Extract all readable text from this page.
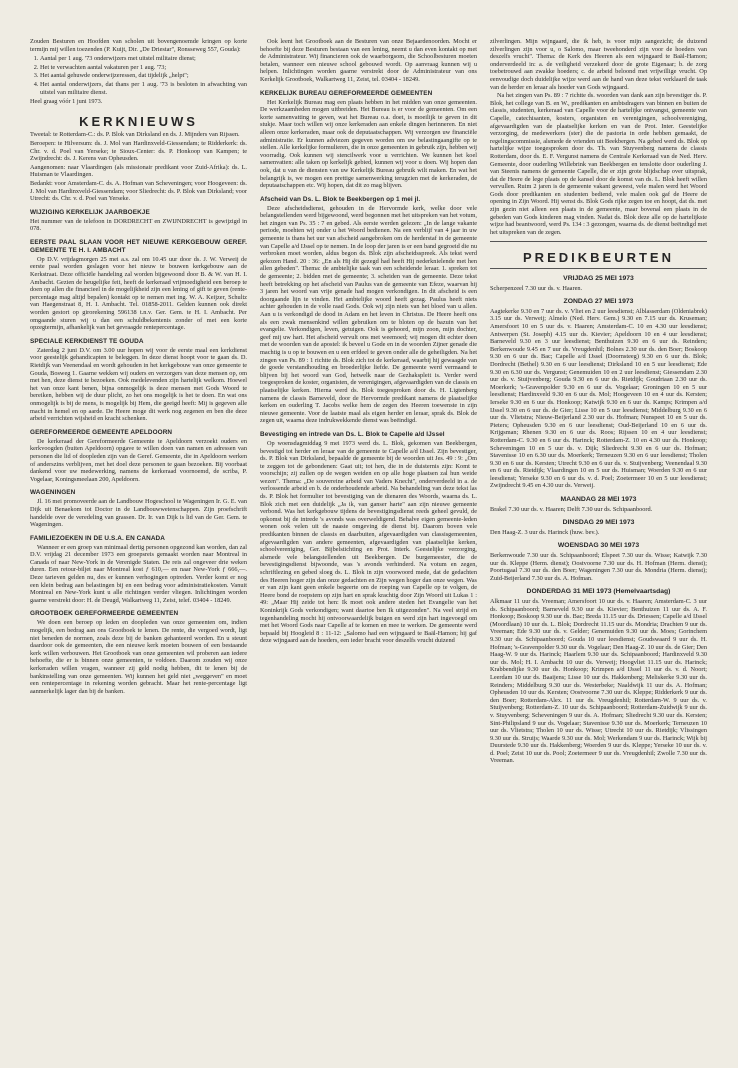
Zouden Besturen en Hoofden van scholen uit bovengenoemde kringen op korte termijn mij willen toezenden (P. Kuijt, Dir. „De Driestar", Ronsseweg 557, Gouda):

1. Aantal per 1 aug. '73 onderwijzers met uitstel militaire dienst;
2. Het te verwachten aantal vakaturen per 1 aug. '73;
3. Het aantal gehuwde onderwijzeressen, dat tijdelijk „helpt";
4. Het aantal onderwijzers, dat thans per 1 aug. '73 is besloten in afwachting van uitstel van militaire dienst.

Heel graag vóór 1 juni 1973.

KERKNIEUWS

Tweetal: te Rotterdam-C.: ds. P. Blok van Dirksland en ds. J. Mijnders van Rijssen.

Beroepen: te Hilversum: ds. J. Mol van Hardinxveld-Giessendam; te Ridderkerk: ds. Chr. v. d. Poel van Yerseke; te Sioux-Center: ds. P. Honkoop van Kampen; te Zwijndrecht: ds. J. Kerens van Opheusden.

Aangenomen: naar Vlaardingen (als missionair predikant voor Zuid-Afrika): ds. L. Huisman te Vlaardingen.

Bedankt: voor Amsterdam-C. ds. A. Hofman van Scheveningen; voor Hoogeveen: ds. J. Mol van Hardinxveld-Giessendam; voor Sliedrecht: ds. P. Blok van Dirksland; voor Utrecht: ds. Chr. v. d. Poel van Yerseke.

WIJZIGING KERKELIJK JAARBOEKJE

Het nummer van de telefoon in DORDRECHT en ZWIJNDRECHT is gewijzigd in 078.

EERSTE PAAL SLAAN VOOR HET NIEUWE KERKGEBOUW GEREF. GEMEENTE TE H. I. AMBACHT

Op D.V. vrijdagmorgen 25 mei a.s. zal om 10.45 uur door ds. J. W. Verweij de eerste paal worden geslagen voor het nieuw te bouwen kerkgebouw aan de Kerkstraat. Deze officiële handeling zal worden bijgewoond door B. & W. van H. I. Ambacht. Gezien de heugelijke feit, heeft de kerkeraad vrijmoedigheid een beroep te doen op allen die financieel in de mogelijkheid zijn een lening of gift te geven (rente-percentage mag altijd bepalen) kontakt op te nemen met ing. W. A. Keijzer, Schultz van Haegenstraat 8, H. I. Ambacht. Tel. 01858-2011. Gelden kunnen ook direkt worden gestort op girorekening 596138 t.n.v. Ger. Gem. te H. I. Ambacht. Per omgaande sturen wij u dan een schuldbekentenis zonder of met een korte opzegtermijn, afhankelijk van het gevraagde rentepercentage.

SPECIALE KERKDIENST TE GOUDA

Zaterdag 2 juni D.V. om 3.00 uur hopen wij voor de eerste maal een kerkdienst voor geestelijk gehandicapten te beleggen. In deze dienst hoopt voor te gaan ds. D. Rietdijk van Veenendaal en wordt gehouden in het kerkgebouw van onze gemeente te Gouda, Bosweg 1. Gaarne wekken wij ouders en verzorgers van deze mensen op, om met hen, deze dienst te bezoeken. Ook medelevenden zijn hartelijk welkom. Hoewel het van onze kant benen, bijna onmogelijk is deze mensen met Gods Woord te bereiken, hebben wij de duur plicht, zo het ons mogelijk is het te doen. En wat ons onmogelijk is bij de mens, is mogelijk bij Hem, die geeigd heeft: Mij is gegeven alle macht in hemel en op aarde. De Heere moge dit werk nog zegenen en ben die deze arbeid verrichten wijsheid en kracht schenken.

GEREFORMEERDE GEMEENTE APELDOORN

De kerkeraad der Gereformeerde Gemeente te Apeldoorn verzoekt ouders en kerkvoogden (buiten Apeldoorn) opgave te willen doen van namen en adressen van personen die lid of doopleden zijn van de Geref. Gemeente, die in Apeldoorn werken of anderszins verblijven, met het doel deze personen te gaan bezoeken. Bij voorbaat dankend voor uw medewerking, namens de kerkeraad voornoemd, de scriba, P. Vogelaar, Koningsmeelaan 200, Apeldoorn.

WAGENINGEN

Jl. 16 mei promoveerde aan de Landbouw Hogeschool te Wageningen Ir. G. E. van Dijk uit Benaekom tot Doctor in de Landbouwwetenschappen. Zijn proefschrift handelde over de veredeling van grassen. Dr. Ir. van Dijk is lid van de Ger. Gem. te Wageningen.

FAMILIEZOEKEN IN DE U.S.A. EN CANADA

Wanneer er een groep van minimaal dertig personen opgezond kan worden, dan zal D.V. vrijdag 21 december 1973 een groepsreis gemaakt worden naar Montreal in Canada of naar New-York in de Verenigde Staten. De reis zal ongeveer drie weken duren. Een retour-biljet naar Montreal kost ƒ 610,— en naar New-York ƒ 666,—. Deze tarieven gelden nu, des er kunnen verhogingen optreden. Verder komt er nog een klein bedrag aan belastingen bij en een bedrag voor administratiekosten. Vanuit Montreal en New-York kunt u alle richtingen verder vliegen. Inlichtingen worden gaarne verstrekt door: H. de Deugd, Walkartweg 11, Zeist, telef. 03404 - 18249.

GROOTBOEK GEREFORMEERDE GEMEENTEN

We doen een beroep op leden en doopleden van onze gemeenten om, indien mogelijk, een bedrag aan ons Grootboek te lenen. De rente, die vergoed wordt, ligt niet beneden de normen, zoals deze bij de banken gehanteerd worden. En u steunt daardoor ook de gemeenten, die een nieuwe kerk moeten bouwen of een bestaande kerk willen verbouwen. Het Grootboek van onze gemeenten wil proberen aan iedere behoefte, die er is binnen onze gemeenten, te voldoen. Daarom zouden wij onze kerkeraden willen vragen, wanneer zij geld nodig hebben, dit te lenen bij de bankinstelling van onze gemeenten. Wij kunnen het geld niet „weggeven" en moet een rentepercentage in rekening worden gebracht. Maar het rente-percentage ligt aanmerkelijk lager dan bij de banken.

Ook leent het Grootboek aan de Besturen van onze Bejaardenoorden. Mocht er behoefte bij deze Besturen bestaan van een lening, neemt u dan even kontakt op met de Administrateur. Wij financieren ook de waarborgsom, die Schoolbesturen moeten betalen, wanneer een nieuwe school gebouwd wordt. Op aanvraag kunnen wij u helpen. Inlichtingen worden gaarne verstrekt door de Administrateur van ons Kerkelijk Grootboek, Walkartweg 11, Zeist, tel. 03404 - 18249.

KERKELIJK BUREAU GEREFORMEERDE GEMEENTEN

Het Kerkelijk Bureau mag een plaats hebben in het midden van onze gemeenten. De werkzaamheden mogen uitbreiden. Het Bureau is er voor de gemeenten. Om een korte samenvatting te geven, wat het Bureau o.a. doet, is moeilijk te geven in dit stukje. Maar toch willen wij onze kerkeraden aan enkele dingen herinneren. En niet alleen onze kerkeraden, maar ook de deputaatschappen. Wij verzorgen uw financiële administratie. Er kunnen adviezen gegeven worden om uw belastingaangifte op te stellen. Alle kerkelijke formulieren, die in onze gemeenten in gebruik zijn, hebben wij voorradig. Ook kunnen wij stencilwerk voor u verrichten. We kunnen het koel samenvatten: alle taken op kerkelijk gebied, kunnen wij voor u doen. Wij hopen dan ook, dat u van de diensten van uw Kerkelijk Bureau gebruik wilt maken. En wat het belangrijk is, we mogen een prettige samenwerking terugzien met de kerkeraden, de deputaatschappen etc. Wij hopen, dat dit zo mag blijven.

Afscheid van Ds. L. Blok te Beekbergen op 1 mei jl.

Deze afscheidsdienst, gehouden in de Hervormde kerk, welke door vele belangstellenden werd bijgewoond, werd begonnen met het uitspreken van het votum, het zingen van Ps. 35 : 7 en gebed. Als eerste werden gelezen: „In de lange vakante periode, moehten wij onder u het Woord bedienen. Na een verblijf van 4 jaar in uw gemeente is thans het uur van afscheid aangebroken om de herderstaf in de gemeente van Capelle a/d IJssel op te nemen. In de loop der jaren is er een band gegroeid die nu verbroken moet worden, aldus begon ds. Blok zijn afscheidsspreek. Als tekst werd gekozen Hand. 20 : 36: „En als Hij dit gezegd had heeft Hij nederknielende met hen allen gebeden". Thema: de ambtelijke taak van een scheidende leraar. 1. spreken tot de gemeente; 2. bidden met de gemeente; 3. scheiden van de gemeente. Deze tekst heeft betrekking op het afscheid van Paulus van de gemeente van Efeze, waarvan hij 3 jaren het woord van vrije genade had mogen verkondigen. In dit afscheid is een doorgaande lijn te vinden. Het ambtelijke woord heeft gezag. Paulus heeft niets achter gehouden in de volle raad Gods. Ook wij zijn niets van het bloed van u allen. Aan u is verkondigd de dood in Adam en het leven in Christus. De Heere heeft ons als een zwak mensenkind willen gebruiken om te bloten op de bazuin van het evangelie. Verkondigen, leven, getuigen. Ook is gehoord, mijn zoon, mijn dochter, geef mij uw hart. Het afscheid vervult ons met weemoed; wij mogen dit echter doen met de woorden van de apostel: ik beveel u Gode en in de woorden Zijner genade die machtig is u op te bouwen en u een erfdeel te geven onder alle de geheiligden. Na het zingen van Ps. 89 : 1 richtte ds. Blok zich tot de kerkeraad, waarbij hij gewaagde van de goede verstandhouding en broederlijke liefde. De gemeente werd vermaand te blijven bij het woord van God, hetwelk naar de Gezhakspleit is. Verder werd toegesproken de koster, organisten, de verenigingen, afgevaardigden van de classis en plaatselijke kerken. Hierna werd ds. Blok toegesproken door ds. H. Ligtenberg namens de classis Barneveld, door de Hervormde predikant namens de plaatselijke kerken en ouderling T. Jacobs welke hem de zegen des Heeren toewenste in zijn nieuwe gemeente. Voor de laatste maal als eigen herder en leraar, sprak ds. Blok de zegen uit, waarna deze indrukwekkende dienst was beëindigd.

Bevestiging en intrede van Ds. L. Blok te Capelle a/d IJssel

Op woensdagmiddag 9 mei 1973 werd ds. L. Blok, gekomen van Beekbergen, bevestigd tot herder en leraar van de gemeente te Capelle a/d IJssel. Zijn bevestiger, ds. P. Blok van Dirksland, bepaalde de gemeente bij de woorden uit Jes. 49 : 9: „Om te zeggen tot de gebondenen: Gaat uit; tot hen, die in de duisternis zijn: Komt te voorschijn; zij zullen op de wegen weiden en op alle hoge plaatsen zal hun weide wezen". Thema: „De souvereine arbeid van Vaders Knecht", onderverdeeld in a. de verlossende arbeid en b. de onderhoudende arbeid. Na behandeling van deze tekst las ds. P. Blok het formulier tot bevestiging van de dienaren des Woords, waarna ds. L. Blok zich met een duidelijk „Ja ik, van ganser harte" aan zijn nieuwe gemeente verbond. Was het kerkgebouw tijdens de bevestigingsdienst reeds geheel gevuld, de opkomst bij de intrede 's avonds was overweldigend. Behalve eigen gemeente-leden wonen ook velen uit de naaste omgeving de dienst bij. Daarom boven vele predikanten binnen de classis en daarbuiten, afgevaardigden van classisgemeenten, afgevaardigden van andere gemeenten, afgevaardigden van plaatselijke kerken, schoolvereniging, Ger. Bijbelstichting en Prot. Interk. Geestelijke verzorging, alsmede vele belangstellenden uit Beekbergen. De burgemeester, die de bevestigingsdienst bijwoonde, was 's avonds verhinderd. Na votum en zegen, schriftlezing en gebed sloeg ds. L. Blok in zijn voorwoord mede, dat de gedachten des Heeren hoger zijn dan onze gedachten en Zijn wegen hoger dan onze wegen. Was er van zijn kant geen enkele begeerte om de roeping van Capelle op te volgen, de Heere bond de roepstem op zijn hart en sprak krachtig door Zijn Woord uit Lukas 1 : 49: „Maar Hij zeide tot hen: Ik moet ook andere steden het Evangelie van het Koninkrijk Gods verkondigen; want daartoe ben Ik uitgezonden". Na veel strijd en tegenhandeling mocht hij ontvoorwaardelijk buigen en werd zijn hart ingevoegd om met het Woord Gods naar Capelle af te komen en mee te werken. De gemeente werd bepaald bij Hoogleid 8 : 11-12: „Salomo had een wijngaard te Baäl-Hamon; hij gaf deze wijngaard aan de hoeders, een ieder bracht voor deszelfs vrucht duizend

zilverlingen. Mijn wijngaard, die ik heb, is voor mijn aangezicht; de duizend zilverlingen zijn voor u, o Salomo, maar tweehonderd zijn voor de hoeders van deszelfs vrucht". Thema: de Kerk des Heeren als een wijngaard te Baäl-Hamon; onderverdeeld in: a. de veiligheid verzekerd door de grote Eigenaar; b. de zorg toebetrouwd aan zwakke hoeders; c. de arbeid beloond met vrijwillige vrucht. Op eenvoudige doch duidelijke wijze werd aan de hand van deze tekst verklaard de taak van de herder en leraar als hoeder van Gods wijngaard.

Na het zingen van Ps. 89 : 7 richtte ds. woorden van dank aan zijn bevestiger ds. P. Blok, het college van B. en W., predikanten en ambtsdragers van binnen en buiten de classis, studenten, kerkeraad van Capelle voor de hartelijke ontvangst, gemeente van Capelle, catechisanten, kosters, organisten en verenigingen, schoolvereniging, afgevaardigden van de plaatselijke kerken en van de Prot. Inter. Geestelijke verzorging, de medewerkers (ster) die de pastoria in orde hebben gemaakt, de regelingscommissie, alsmede de vrienden uit Beekbergen. Na gebed werd ds. Blok op hartelijke wijze toegesproken door ds. Th. van Stuyvenberg namens de classis Rotterdam, door ds. E. F. Vergunst namens de Centrale Kerkeraad van de Ned. Herv. Gemeente, door ouderling Willebrink van Beekbergen en tenslotte door ouderling J. van Steenis namens de gemeente Capelle, die er zijn grote blijdschap over uitsprak, dat de Heere de lege plaats op de kansel door de komst van ds. L. Blok heeft willen vervullen. Ruim 2 jaren is de gemeente vakant geweest, vele malen werd het Woord Gods door predikanten en studenten bediend, vele malen ook gaf de Heere de opening in Zijn Woord. Hij wenst ds. Blok Gods rijke zegen toe en hoopt, dat ds. met zijn gezin niet alleen een plaats in de gemeente, maar bovenal een plaats in de gebeden van Gods kinderen mag vinden. Nadat ds. Blok deze alle op de hartelijkste wijze had beantwoord, werd Ps. 134 : 3 gezongen, waarna ds. de dienst beëindigd met het uitspreken van de zegen.

PREDIKBEURTEN
VRIJDAG 25 MEI 1973

Scherpenzeel 7.30 uur ds. v. Haaren.

ZONDAG 27 MEI 1973

Aagtekerke 9.30 en 7 uur ds. v. Vliet en 2 uur leesdienst; Alblasserdam (Oldeniabrek) 3.15 uur ds. Verweij; Almelo (Ned. Herv. Gem.) 9.30 en 7.15 uur ds. Kruseman; Amersfoort 10 en 5 uur ds. v. Haaren; Amsterdam-C. 10 en 4.30 uur leesdienst; Antwerpen (St. Joseph) 4.15 uur ds. Kievier; Apeldoorn 10 en 4 uur leesdienst; Barneveld 9.30 en 3 uur leesdienst; Benthuizen 9.30 en 6 uur ds. Reinders; Berkenwoude 9.45 en 7 uur ds. Vreugdenhil; Bolnes 2.30 uur ds. den Boer; Boskoop 9.30 en 6 uur ds. Bac; Capelle a/d IJssel (Doornsteeg) 9.30 en 6 uur ds. Blok; Dordrecht (Bethel) 9.30 en 6 uur leesdienst; Dirksland 10 en 5 uur leesdienst; Ede 9.30 en 6.30 uur ds. Vergunst; Genemuiden 10 en 2 uur leesdienst; Giessendam 2.30 uur ds. v. Stuijvenberg; Gouda 9.30 en 6 uur ds. Rietdijk; Goudriaan 2.30 uur ds. Moerkerk; 's-Gravenpolder 9.30 en 6 uur ds. Vogelaar; Groningen 10 en 5 uur leesdienst; Hardinxveld 9.30 en 6 uur ds. Mol; Hoogeveen 10 en 4 uur ds. Kersten; Ierseke 9.30 en 6 uur ds. Honkoop; Katwijk 9.30 en 6 uur ds. Kamps; Krimpen a/d IJssel 9.30 en 6 uur ds. de Gier; Lisse 10 en 5 uur leesdienst; Middelburg 9.30 en 6 uur ds. Vlietstra; Nieuw-Beijerland 2.30 uur ds. Hofman; Nunspeet 10 en 5 uur ds. Pieters; Opheusden 9.30 en 6 uur leesdienst; Oud-Beijerland 10 en 6 uur ds. Krijgsman; Rhenen 9.30 en 6 uur ds. Roos; Rijssen 10 en 4 uur leesdienst; Rotterdam-C. 9.30 en 6 uur ds. Harinck; Rotterdam-Z. 10 en 4.30 uur ds. Honkoop; Scheveningen 10 en 5 uur ds. v. Dijk; Sliedrecht 9.30 en 6 uur ds. Hofman; Stavenisse 10 en 6.30 uur ds. Moerkerk; Terneuzen 9.30 en 6 uur leesdienst; Tholen 9.30 en 6 uur ds. Kersten; Utrecht 9.30 en 6 uur ds. v. Stuijvenberg; Veenendaal 9.30 en 6 uur ds. Rietdijk; Vlaardingen 10 en 5 uur ds. Huisman; Woerden 9.30 en 6 uur leesdienst; Yerseke 9.30 en 6 uur ds. v. d. Poel; Zoetermeer 10 en 5 uur leesdienst; Zwijndrecht 9.45 en 4.30 uur ds. Verweij.

MAANDAG 28 MEI 1973

Brakel 7.30 uur ds. v. Haaren; Delft 7.30 uur ds. Schipaanboord.

DINSDAG 29 MEI 1973

Den Haag-Z. 3 uur ds. Harinck (huw. bev.).

WOENSDAG 30 MEI 1973

Berkenwoude 7.30 uur ds. Schipaanboord; Elspeet 7.30 uur ds. Wisse; Katwijk 7.30 uur ds. Kleppe (Herm. dienst); Oostvoorne 7.30 uur ds. H. Hofman (Herm. dienst); Poortugaal 7.30 uur ds. den Boer; Wageningen 7.30 uur ds. Mondria (Herm. dienst); Zuid-Beijerland 7.30 uur ds. A. Hofman.

DONDERDAG 31 MEI 1973 (Hemelvaartsdag)

Alkmaar 11 uur ds. Vreeman; Amersfoort 10 uur ds. v. Haaren; Amsterdam-C. 3 uur ds. Schipaanboord; Barneveld 9.30 uur ds. Kievier; Benthuizen 11 uur ds. A. F. Honkoop; Boskoop 9.30 uur ds. Bac; Breda 11.15 uur ds. Driessen; Capelle a/d IJssel (Moordlaan) 10 uur ds. L. Blok; Dordrecht 11.15 uur ds. Mondria; Drachten 9 uur ds. Vreeman; Ede 9.30 uur ds. v. Gelder; Genemuiden 9.30 uur ds. Moes; Gorinchem 9.30 uur ds. Schipaanboord; Gouda 10 uur leesdienst; Goudswaard 9 uur ds. H. Hofman; 's-Gravenpolder 9.30 uur ds. Vogelaar; Den Haag-Z. 10 uur ds. de Gier; Den Haag-W. 9 uur ds. Harinck; Haarlem 9.30 uur ds. Schipaanboord; Hardinxveld 9.30 uur ds. Mol; H. I. Ambacht 10 uur ds. Verweij; Hoogvliet 11.15 uur ds. Harinck; Krabbendijke 9.30 uur ds. Honkoop; Krimpen a/d IJssel 11 uur ds. v. d. Noort; Leerdam 10 uur ds. Baaijens; Lisse 10 uur ds. Hakkenberg; Meliskerke 9.30 uur ds. Reinders; Middelburg 9.30 uur ds. Westerbeke; Naaldwijk 11 uur ds. A. Hofman; Opheusden 10 uur ds. Kersten; Oostvoorne 7.30 uur ds. Kleppe; Ridderkerk 9 uur ds. den Boer; Rotterdam-Alex. 11 uur ds. Vreugdenhil; Rotterdam-W. 9 uur ds. v. Stuijvenberg; Rotterdam-Z. 10 uur ds. Schipaanboord; Rotterdam-Zuidwijk 9 uur ds. v. Stuyvenberg; Scheveningen 9 uur ds. A. Hofman; Sliedrecht 9.30 uur ds. Kersten; Sint-Philipsland 9 uur ds. Vogelaar; Stavenisse 9.30 uur ds. Moerkerk; Terneuzen 10 uur ds. Vlietstra; Tholen 10 uur ds. Wisse; Utrecht 10 uur ds. Rietdijk; Vlissingen 9.30 uur ds. Struijs; Waarde 9.30 uur ds. Mol; Werkendam 9 uur ds. Harinck; Wijk bij Duurstede 9.30 uur ds. Hakkenberg; Woerden 9 uur ds. Kleppe; Yerseke 10 uur ds. v. d. Poel; Zeist 10 uur ds. Pool; Zoetermeer 9 uur ds. Vreugdenhil; Zwolle 7.30 uur ds. Vreeman.
